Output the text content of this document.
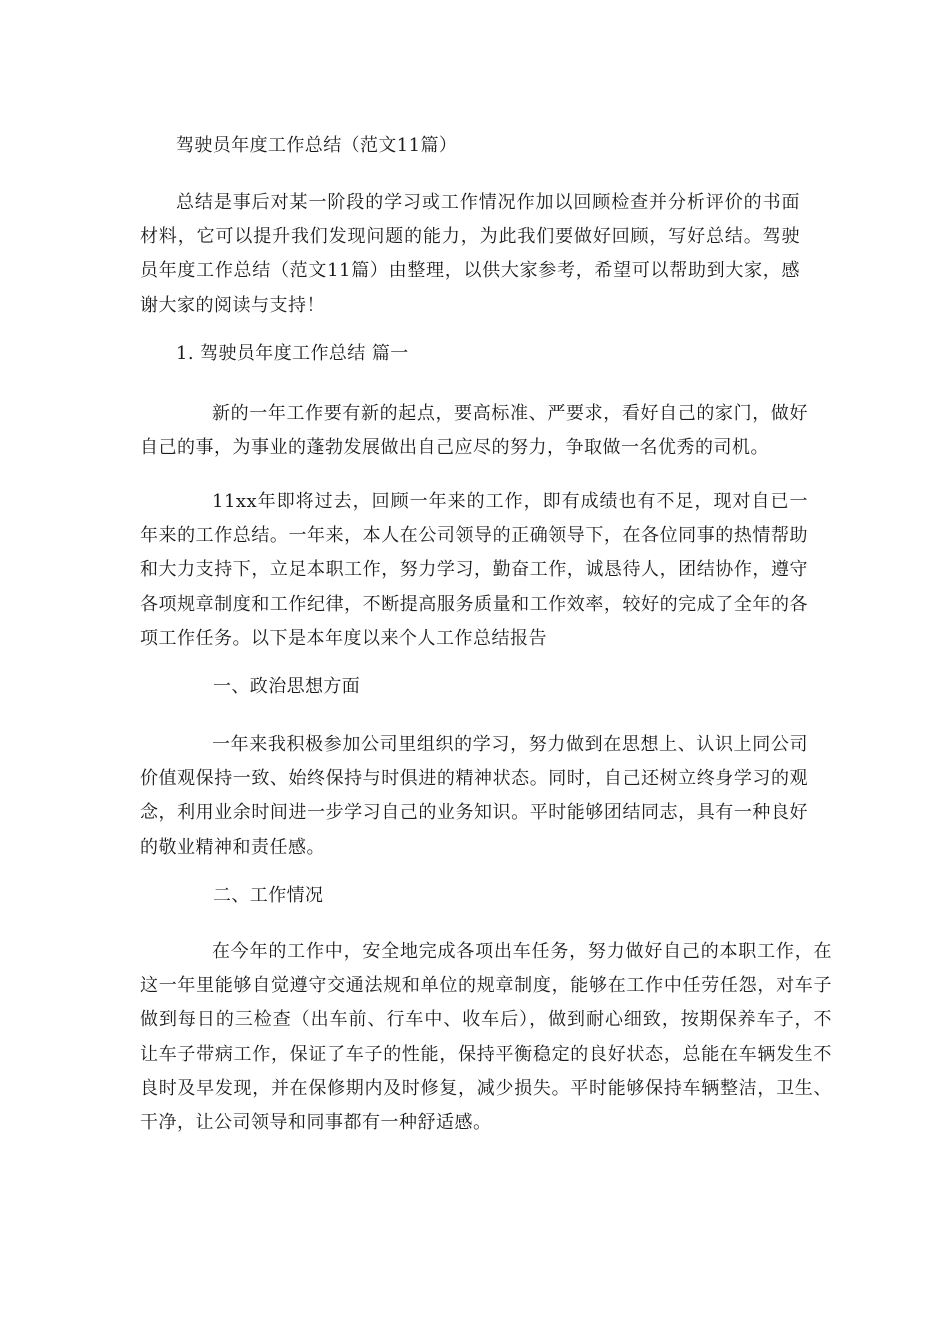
驾驶员年度工作总结（范文11篇）
总结是事后对某一阶段的学习或工作情况作加以回顾检查并分析评价的书面材料，它可以提升我们发现问题的能力，为此我们要做好回顾，写好总结。驾驶员年度工作总结（范文11篇）由整理，以供大家参考，希望可以帮助到大家，感谢大家的阅读与支持！
1. 驾驶员年度工作总结 篇一
新的一年工作要有新的起点，要高标准、严要求，看好自己的家门，做好自己的事，为事业的蓬勃发展做出自己应尽的努力，争取做一名优秀的司机。
11xx年即将过去，回顾一年来的工作，即有成绩也有不足，现对自已一年来的工作总结。一年来，本人在公司领导的正确领导下，在各位同事的热情帮助和大力支持下，立足本职工作，努力学习，勤奋工作，诚恳待人，团结协作，遵守各项规章制度和工作纪律，不断提高服务质量和工作效率，较好的完成了全年的各项工作任务。以下是本年度以来个人工作总结报告
一、政治思想方面
一年来我积极参加公司里组织的学习，努力做到在思想上、认识上同公司价值观保持一致、始终保持与时俱进的精神状态。同时，自己还树立终身学习的观念，利用业余时间进一步学习自己的业务知识。平时能够团结同志，具有一种良好的敬业精神和责任感。
二、工作情况
在今年的工作中，安全地完成各项出车任务，努力做好自己的本职工作，在这一年里能够自觉遵守交通法规和单位的规章制度，能够在工作中任劳任怨，对车子做到每日的三检查（出车前、行车中、收车后），做到耐心细致，按期保养车子，不让车子带病工作，保证了车子的性能，保持平衡稳定的良好状态，总能在车辆发生不良时及早发现，并在保修期内及时修复，减少损失。平时能够保持车辆整洁，卫生、干净，让公司领导和同事都有一种舒适感。
